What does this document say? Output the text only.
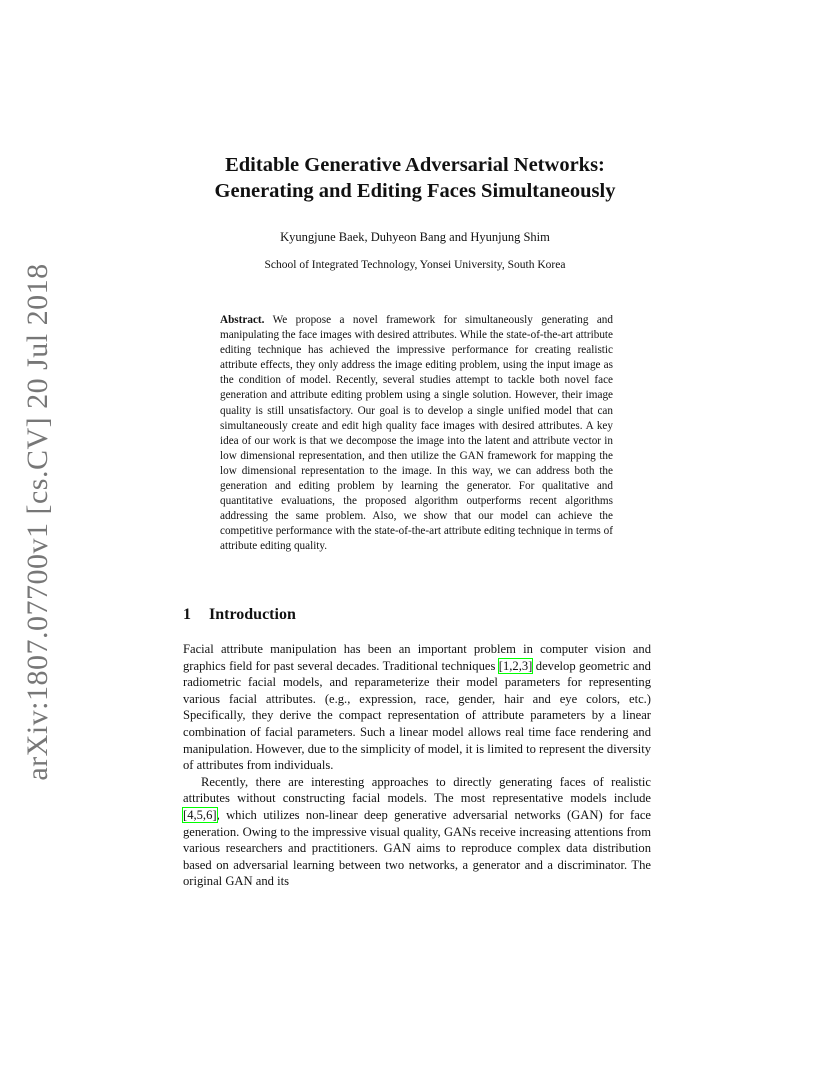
arXiv:1807.07700v1 [cs.CV] 20 Jul 2018
Editable Generative Adversarial Networks:
Generating and Editing Faces Simultaneously
Kyungjune Baek, Duhyeon Bang and Hyunjung Shim
School of Integrated Technology, Yonsei University, South Korea

Abstract. We propose a novel framework for simultaneously generating and manipulating the face images with desired attributes. While the state-of-the-art attribute editing technique has achieved the impressive performance for creating realistic attribute effects, they only address the image editing problem, using the input image as the condition of model. Recently, several studies attempt to tackle both novel face generation and attribute editing problem using a single solution. However, their image quality is still unsatisfactory. Our goal is to develop a single unified model that can simultaneously create and edit high quality face images with desired attributes. A key idea of our work is that we decompose the image into the latent and attribute vector in low dimensional representation, and then utilize the GAN framework for mapping the low dimensional representation to the image. In this way, we can address both the generation and editing problem by learning the generator. For qualitative and quantitative evaluations, the proposed algorithm outperforms recent algorithms addressing the same problem. Also, we show that our model can achieve the competitive performance with the state-of-the-art attribute editing technique in terms of attribute editing quality.

1 Introduction

Facial attribute manipulation has been an important problem in computer vision and graphics field for past several decades. Traditional techniques [1,2,3] develop geometric and radiometric facial models, and reparameterize their model parameters for representing various facial attributes. (e.g., expression, race, gender, hair and eye colors, etc.) Specifically, they derive the compact representation of attribute parameters by a linear combination of facial parameters. Such a linear model allows real time face rendering and manipulation. However, due to the simplicity of model, it is limited to represent the diversity of attributes from individuals.

Recently, there are interesting approaches to directly generating faces of realistic attributes without constructing facial models. The most representative models include [4,5,6], which utilizes non-linear deep generative adversarial networks (GAN) for face generation. Owing to the impressive visual quality, GANs receive increasing attentions from various researchers and practitioners. GAN aims to reproduce complex data distribution based on adversarial learning between two networks, a generator and a discriminator. The original GAN and its
